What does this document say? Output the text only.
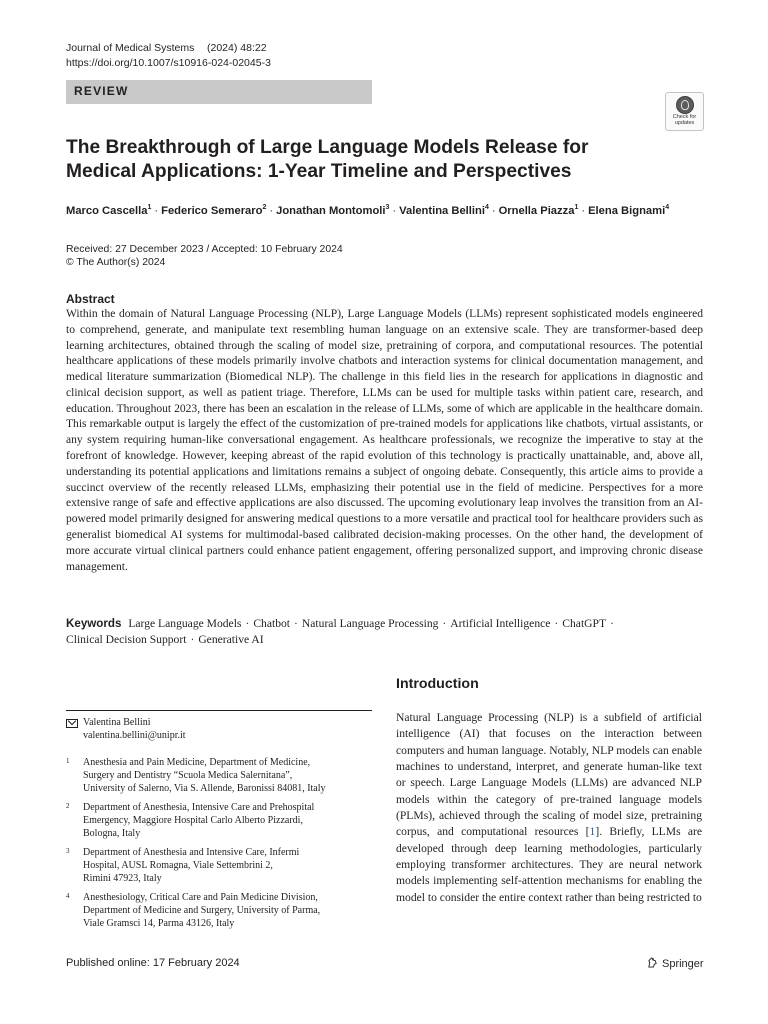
Journal of Medical Systems (2024) 48:22
https://doi.org/10.1007/s10916-024-02045-3
REVIEW
Check for updates
The Breakthrough of Large Language Models Release for Medical Applications: 1-Year Timeline and Perspectives
Marco Cascella$^1$ · Federico Semeraro$^2$ · Jonathan Montomoli$^3$ · Valentina Bellini$^4$ · Ornella Piazza$^1$ · Elena Bignami$^4$
Received: 27 December 2023 / Accepted: 10 February 2024
© The Author(s) 2024
Abstract
Within the domain of Natural Language Processing (NLP), Large Language Models (LLMs) represent sophisticated models engineered to comprehend, generate, and manipulate text resembling human language on an extensive scale. They are transformer-based deep learning architectures, obtained through the scaling of model size, pretraining of corpora, and computational resources. The potential healthcare applications of these models primarily involve chatbots and interaction systems for clinical documentation management, and medical literature summarization (Biomedical NLP). The challenge in this field lies in the research for applications in diagnostic and clinical decision support, as well as patient triage. Therefore, LLMs can be used for multiple tasks within patient care, research, and education. Throughout 2023, there has been an escalation in the release of LLMs, some of which are applicable in the healthcare domain. This remarkable output is largely the effect of the customization of pre-trained models for applications like chatbots, virtual assistants, or any system requiring human-like conversational engagement. As healthcare professionals, we recognize the imperative to stay at the forefront of knowledge. However, keeping abreast of the rapid evolution of this technology is practically unattainable, and, above all, understanding its potential applications and limitations remains a subject of ongoing debate. Consequently, this article aims to provide a succinct overview of the recently released LLMs, emphasizing their potential use in the field of medicine. Perspectives for a more extensive range of safe and effective applications are also discussed. The upcoming evolutionary leap involves the transition from an AI-powered model primarily designed for answering medical questions to a more versatile and practical tool for healthcare providers such as generalist biomedical AI systems for multimodal-based calibrated decision-making processes. On the other hand, the development of more accurate virtual clinical partners could enhance patient engagement, offering personalized support, and improving chronic disease management.
Keywords Large Language Models · Chatbot · Natural Language Processing · Artificial Intelligence · ChatGPT ·
Clinical Decision Support · Generative AI
Introduction
Natural Language Processing (NLP) is a subfield of artificial intelligence (AI) that focuses on the interaction between computers and human language. Notably, NLP models can enable machines to understand, interpret, and generate human-like text or speech. Large Language Models (LLMs) are advanced NLP models within the category of pre-trained language models (PLMs), achieved through the scaling of model size, pretraining corpus, and computational resources [1]. Briefly, LLMs are developed through deep learning methodologies, particularly employing transformer architectures. They are neural network models implementing self-attention mechanisms for enabling the model to consider the entire context rather than being restricted to
Valentina Bellini
valentina.bellini@unipr.it
1 Anesthesia and Pain Medicine, Department of Medicine,
Surgery and Dentistry “Scuola Medica Salernitana”,
University of Salerno, Via S. Allende, Baronissi 84081, Italy
2 Department of Anesthesia, Intensive Care and Prehospital
Emergency, Maggiore Hospital Carlo Alberto Pizzardi,
Bologna, Italy
3 Department of Anesthesia and Intensive Care, Infermi
Hospital, AUSL Romagna, Viale Settembrini 2,
Rimini 47923, Italy
4 Anesthesiology, Critical Care and Pain Medicine Division,
Department of Medicine and Surgery, University of Parma,
Viale Gramsci 14, Parma 43126, Italy
Published online: 17 February 2024	Springer
